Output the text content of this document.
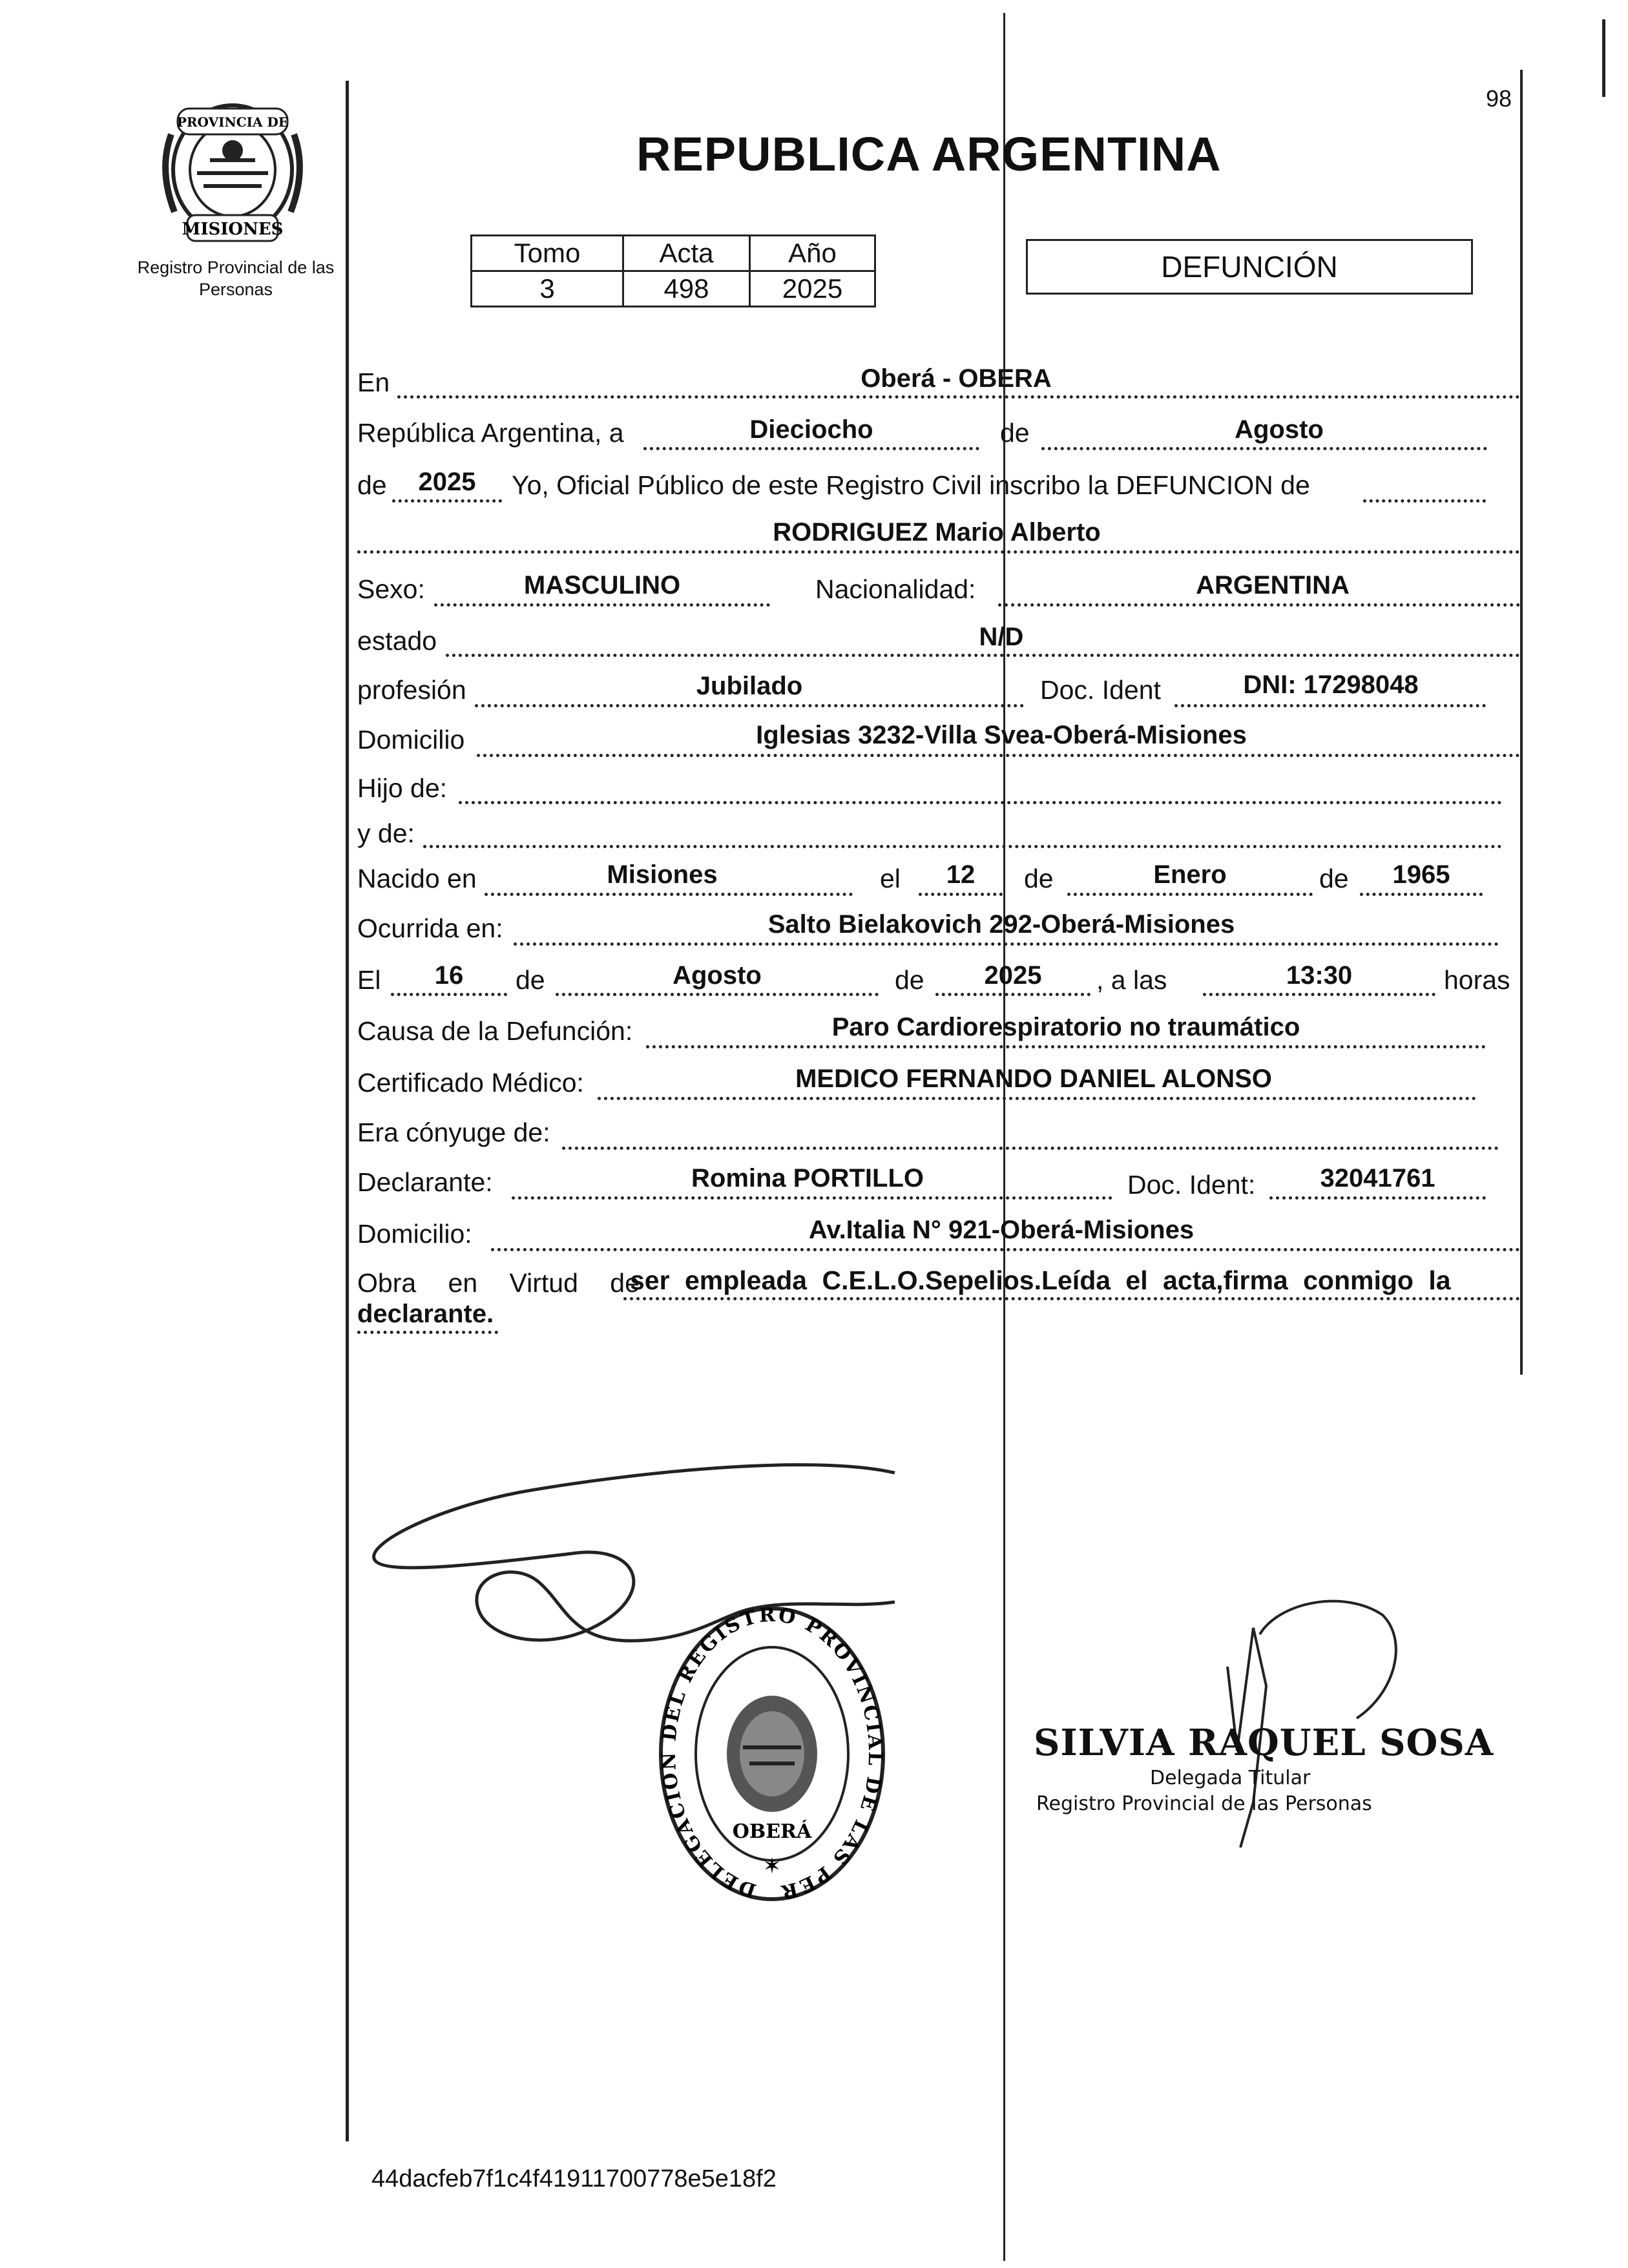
PROVINCIA DE
MISIONES
Registro Provincial de las Personas
98
REPUBLICA ARGENTINA
Tomo	Acta	Año
3	498	2025
DEFUNCIÓN
En	Oberá - OBERA
República Argentina, a	Dieciocho	de	Agosto
de	2025	Yo, Oficial Público de este Registro Civil inscribo la DEFUNCION de
RODRIGUEZ Mario Alberto
Sexo:	MASCULINO	Nacionalidad:	ARGENTINA
estado	N/D
profesión	Jubilado	Doc. Ident	DNI: 17298048
Domicilio	Iglesias 3232-Villa Svea-Oberá-Misiones
Hijo de:
y de:
Nacido en	Misiones	el	12	de	Enero	de	1965
Ocurrida en:	Salto Bielakovich 292-Oberá-Misiones
El	16	de	Agosto	de	2025	, a las	13:30	horas
Causa de la Defunción:	Paro Cardiorespiratorio no traumático
Certificado Médico:	MEDICO FERNANDO DANIEL ALONSO
Era cónyuge de:
Declarante:	Romina PORTILLO	Doc. Ident:	32041761
Domicilio:	Av.Italia N° 921-Oberá-Misiones
Obra en Virtud de
ser empleada C.E.L.O.Sepelios.Leída el acta,firma conmigo la
declarante.
DELEGACION DEL REGISTRO PROVINCIAL DE LAS PER
OBERÁ
✶
SILVIA RAQUEL SOSA
Delegada Titular
Registro Provincial de las Personas
44dacfeb7f1c4f41911700778e5e18f2
